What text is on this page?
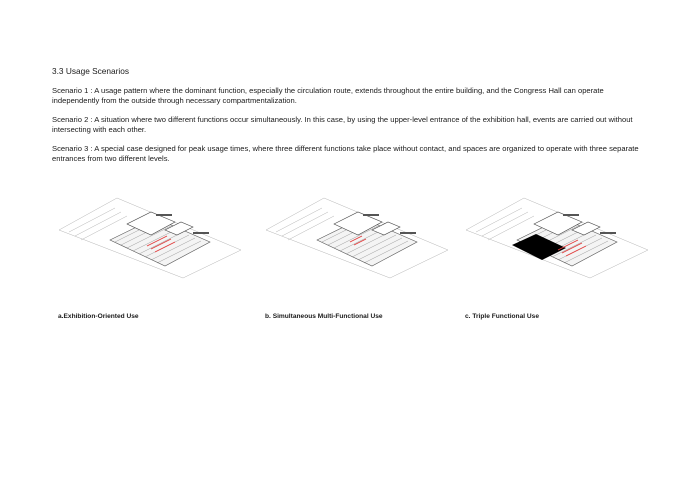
3.3 Usage Scenarios

Scenario 1 : A usage pattern where the dominant function, especially the circulation route, extends throughout the entire building, and the Congress Hall can operate independently from the outside through necessary compartmentalization.

Scenario 2 : A situation where two different functions occur simultaneously. In this case, by using the upper-level entrance of the exhibition hall, events are carried out without intersecting with each other.

Scenario 3 : A special case designed for peak usage times, where three different functions take place without contact, and spaces are organized to operate with three separate entrances from two different levels.

a.Exhibition-Oriented Use	b. Simultaneous Multi-Functional Use	c. Triple Functional Use
